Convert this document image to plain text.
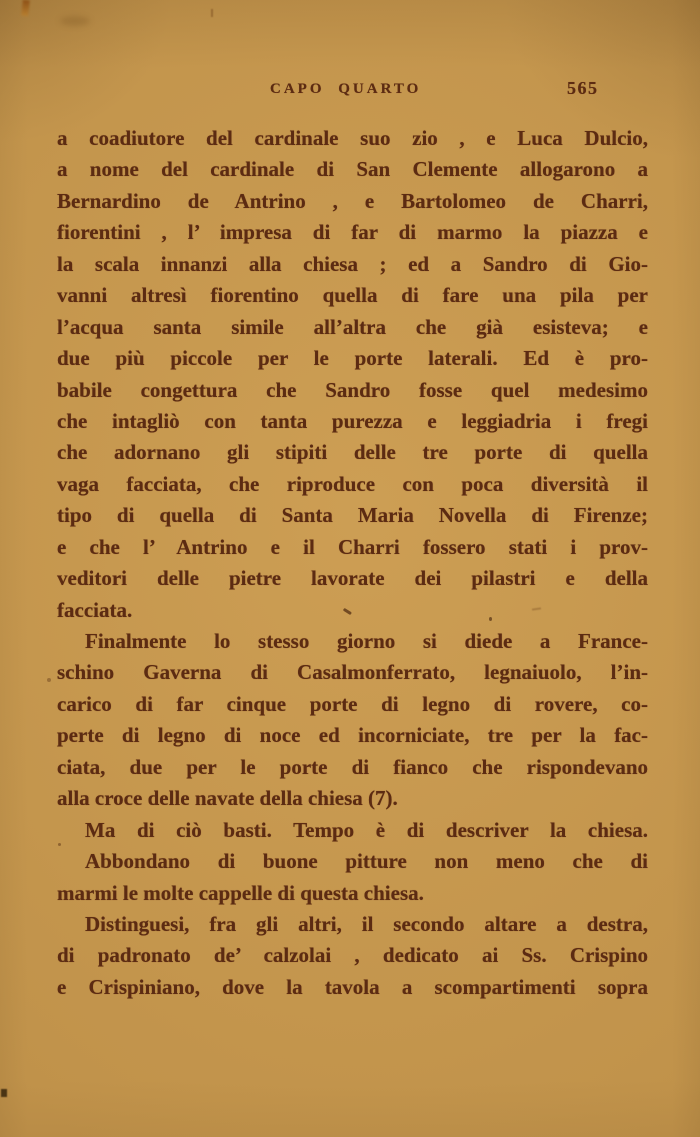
CAPO QUARTO	565
a coadiutore del cardinale suo zio , e Luca Dulcio,
a nome del cardinale di San Clemente allogarono a
Bernardino de Antrino , e Bartolomeo de Charri,
fiorentini , l’ impresa di far di marmo la piazza e
la scala innanzi alla chiesa ; ed a Sandro di Gio-
vanni altresì fiorentino quella di fare una pila per
l’acqua santa simile all’altra che già esisteva; e
due più piccole per le porte laterali. Ed è pro-
babile congettura che Sandro fosse quel medesimo
che intagliò con tanta purezza e leggiadria i fregi
che adornano gli stipiti delle tre porte di quella
vaga facciata, che riproduce con poca diversità il
tipo di quella di Santa Maria Novella di Firenze;
e che l’ Antrino e il Charri fossero stati i prov-
veditori delle pietre lavorate dei pilastri e della
facciata.
Finalmente lo stesso giorno si diede a France-
schino Gaverna di Casalmonferrato, legnaiuolo, l’in-
carico di far cinque porte di legno di rovere, co-
perte di legno di noce ed incorniciate, tre per la fac-
ciata, due per le porte di fianco che rispondevano
alla croce delle navate della chiesa (7).
Ma di ciò basti. Tempo è di descriver la chiesa.
Abbondano di buone pitture non meno che di
marmi le molte cappelle di questa chiesa.
Distinguesi, fra gli altri, il secondo altare a destra,
di padronato de’ calzolai , dedicato ai Ss. Crispino
e Crispiniano, dove la tavola a scompartimenti sopra
